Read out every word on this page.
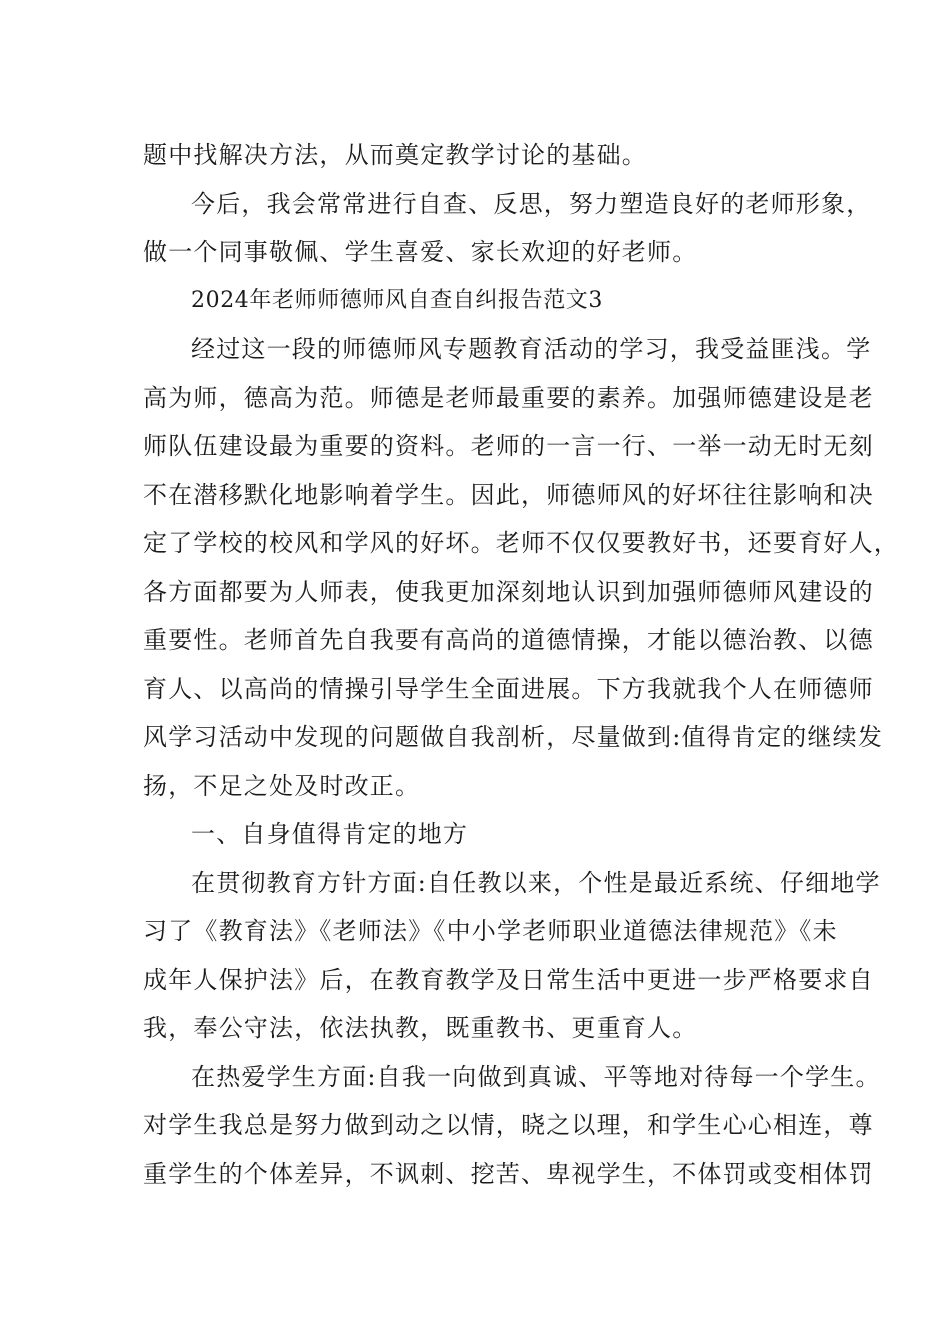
题中找解决方法，从而奠定教学讨论的基础。
今后，我会常常进行自查、反思，努力塑造良好的老师形象，
做一个同事敬佩、学生喜爱、家长欢迎的好老师。
2024年老师师德师风自查自纠报告范文3
经过这一段的师德师风专题教育活动的学习，我受益匪浅。学
高为师，德高为范。师德是老师最重要的素养。加强师德建设是老
师队伍建设最为重要的资料。老师的一言一行、一举一动无时无刻
不在潜移默化地影响着学生。因此，师德师风的好坏往往影响和决
定了学校的校风和学风的好坏。老师不仅仅要教好书，还要育好人，
各方面都要为人师表，使我更加深刻地认识到加强师德师风建设的
重要性。老师首先自我要有高尚的道德情操，才能以德治教、以德
育人、以高尚的情操引导学生全面进展。下方我就我个人在师德师
风学习活动中发现的问题做自我剖析，尽量做到:值得肯定的继续发
扬，不足之处及时改正。
一、自身值得肯定的地方
在贯彻教育方针方面:自任教以来，个性是最近系统、仔细地学
习了《教育法》《老师法》《中小学老师职业道德法律规范》《未
成年人保护法》后，在教育教学及日常生活中更进一步严格要求自
我，奉公守法，依法执教，既重教书、更重育人。
在热爱学生方面:自我一向做到真诚、平等地对待每一个学生。
对学生我总是努力做到动之以情，晓之以理，和学生心心相连，尊
重学生的个体差异，不讽刺、挖苦、卑视学生，不体罚或变相体罚
